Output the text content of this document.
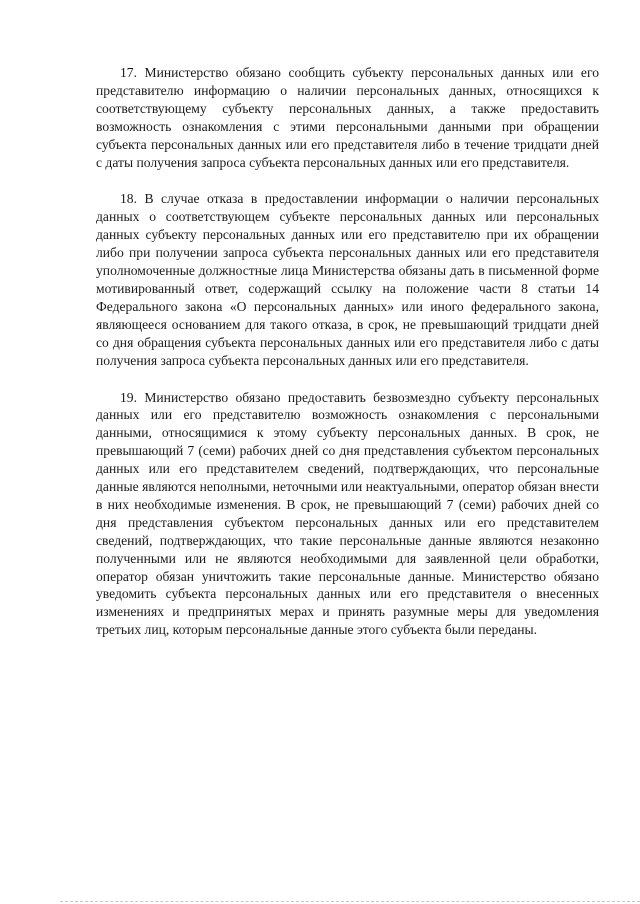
17. Министерство обязано сообщить субъекту персональных данных или его представителю информацию о наличии персональных данных, относящихся к соответствующему субъекту персональных данных, а также предоставить возможность ознакомления с этими персональными данными при обращении субъекта персональных данных или его представителя либо в течение тридцати дней с даты получения запроса субъекта персональных данных или его представителя.

18. В случае отказа в предоставлении информации о наличии персональных данных о соответствующем субъекте персональных данных или персональных данных субъекту персональных данных или его представителю при их обращении либо при получении запроса субъекта персональных данных или его представителя уполномоченные должностные лица Министерства обязаны дать в письменной форме мотивированный ответ, содержащий ссылку на положение части 8 статьи 14 Федерального закона «О персональных данных» или иного федерального закона, являющееся основанием для такого отказа, в срок, не превышающий тридцати дней со дня обращения субъекта персональных данных или его представителя либо с даты получения запроса субъекта персональных данных или его представителя.

19. Министерство обязано предоставить безвозмездно субъекту персональных данных или его представителю возможность ознакомления с персональными данными, относящимися к этому субъекту персональных данных. В срок, не превышающий 7 (семи) рабочих дней со дня представления субъектом персональных данных или его представителем сведений, подтверждающих, что персональные данные являются неполными, неточными или неактуальными, оператор обязан внести в них необходимые изменения. В срок, не превышающий 7 (семи) рабочих дней со дня представления субъектом персональных данных или его представителем сведений, подтверждающих, что такие персональные данные являются незаконно полученными или не являются необходимыми для заявленной цели обработки, оператор обязан уничтожить такие персональные данные. Министерство обязано уведомить субъекта персональных данных или его представителя о внесенных изменениях и предпринятых мерах и принять разумные меры для уведомления третьих лиц, которым персональные данные этого субъекта были переданы.
